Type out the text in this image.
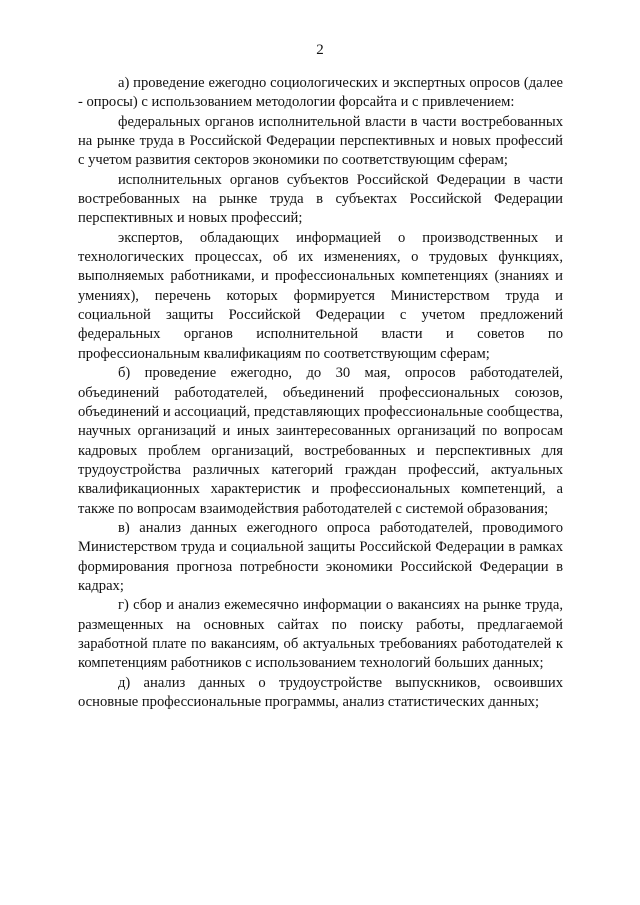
2

а) проведение ежегодно социологических и экспертных опросов (далее - опросы) с использованием методологии форсайта и с привлечением:

федеральных органов исполнительной власти в части востребованных на рынке труда в Российской Федерации перспективных и новых профессий с учетом развития секторов экономики по соответствующим сферам;

исполнительных органов субъектов Российской Федерации в части востребованных на рынке труда в субъектах Российской Федерации перспективных и новых профессий;

экспертов, обладающих информацией о производственных и технологических процессах, об их изменениях, о трудовых функциях, выполняемых работниками, и профессиональных компетенциях (знаниях и умениях), перечень которых формируется Министерством труда и социальной защиты Российской Федерации с учетом предложений федеральных органов исполнительной власти и советов по профессиональным квалификациям по соответствующим сферам;

б) проведение ежегодно, до 30 мая, опросов работодателей, объединений работодателей, объединений профессиональных союзов, объединений и ассоциаций, представляющих профессиональные сообщества, научных организаций и иных заинтересованных организаций по вопросам кадровых проблем организаций, востребованных и перспективных для трудоустройства различных категорий граждан профессий, актуальных квалификационных характеристик и профессиональных компетенций, а также по вопросам взаимодействия работодателей с системой образования;

в) анализ данных ежегодного опроса работодателей, проводимого Министерством труда и социальной защиты Российской Федерации в рамках формирования прогноза потребности экономики Российской Федерации в кадрах;

г) сбор и анализ ежемесячно информации о вакансиях на рынке труда, размещенных на основных сайтах по поиску работы, предлагаемой заработной плате по вакансиям, об актуальных требованиях работодателей к компетенциям работников с использованием технологий больших данных;

д) анализ данных о трудоустройстве выпускников, освоивших основные профессиональные программы, анализ статистических данных;
